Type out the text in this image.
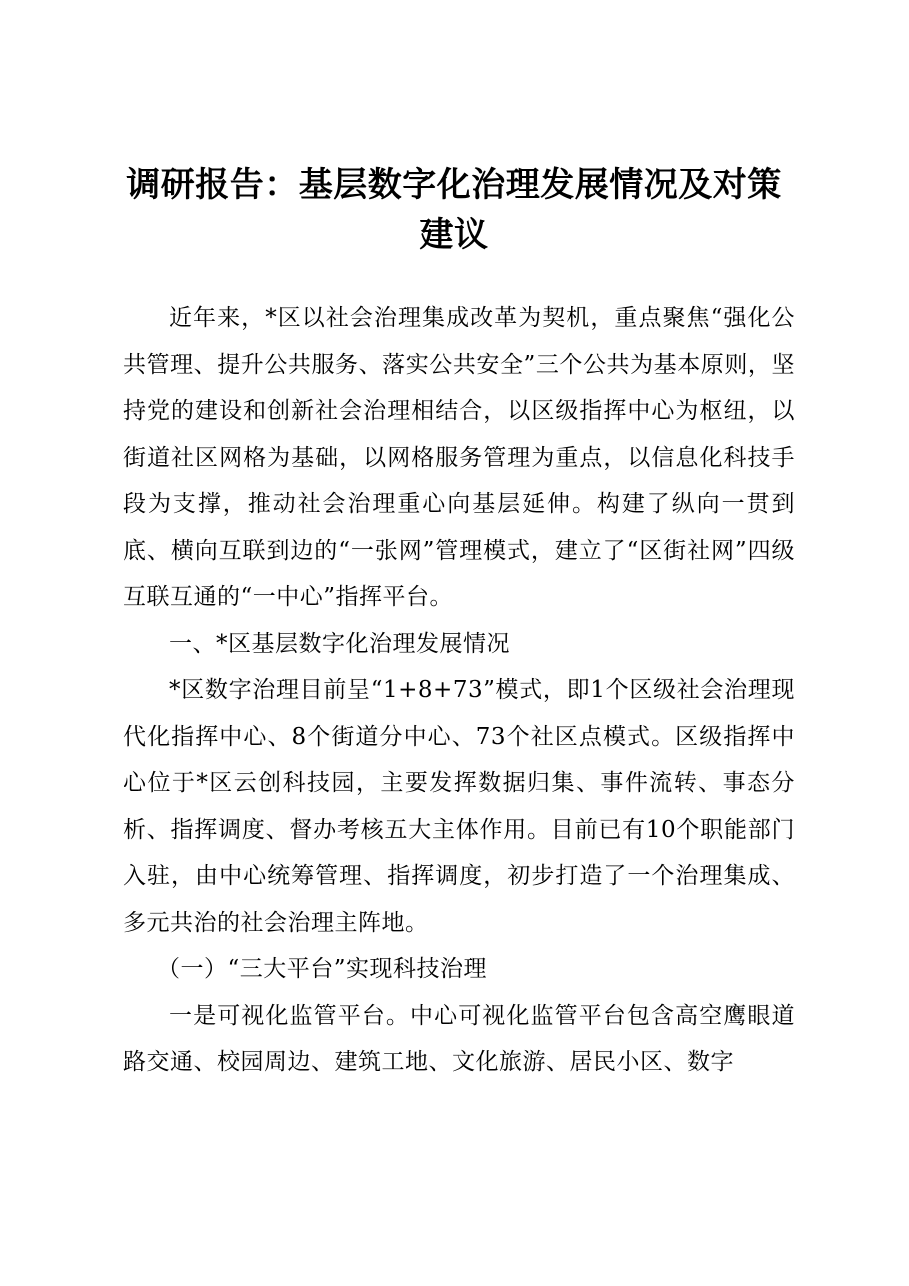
调研报告：基层数字化治理发展情况及对策建议

近年来，*区以社会治理集成改革为契机，重点聚焦“强化公共管理、提升公共服务、落实公共安全”三个公共为基本原则，坚持党的建设和创新社会治理相结合，以区级指挥中心为枢纽，以街道社区网格为基础，以网格服务管理为重点，以信息化科技手段为支撑，推动社会治理重心向基层延伸。构建了纵向一贯到底、横向互联到边的“一张网”管理模式，建立了“区街社网”四级互联互通的“一中心”指挥平台。

一、*区基层数字化治理发展情况

*区数字治理目前呈“1+8+73”模式，即1个区级社会治理现代化指挥中心、8个街道分中心、73个社区点模式。区级指挥中心位于*区云创科技园，主要发挥数据归集、事件流转、事态分析、指挥调度、督办考核五大主体作用。目前已有10个职能部门入驻，由中心统筹管理、指挥调度，初步打造了一个治理集成、多元共治的社会治理主阵地。

（一）“三大平台”实现科技治理

一是可视化监管平台。中心可视化监管平台包含高空鹰眼道路交通、校园周边、建筑工地、文化旅游、居民小区、数字
